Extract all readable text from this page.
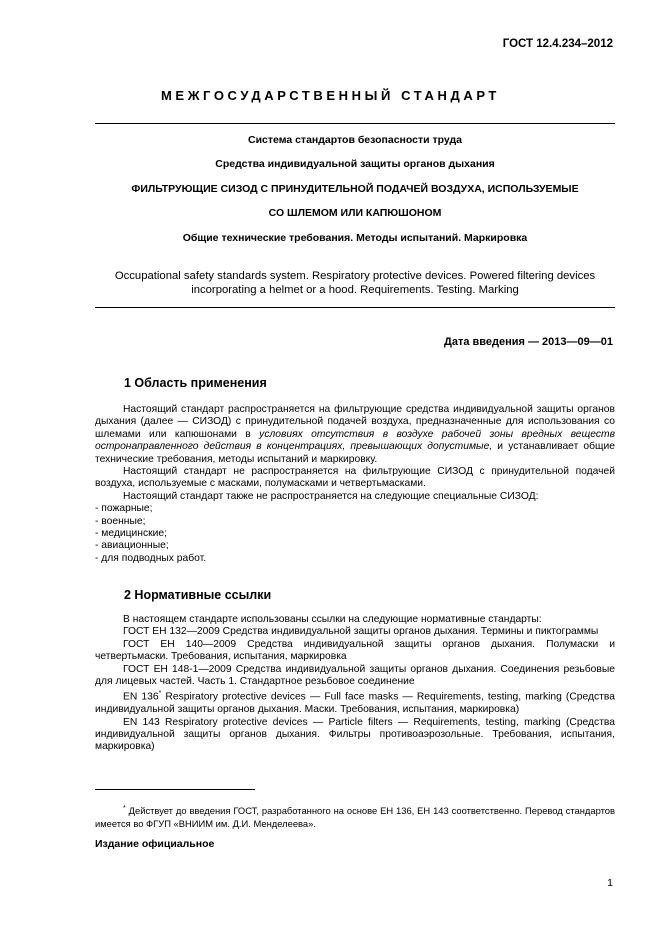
ГОСТ 12.4.234–2012
МЕЖГОСУДАРСТВЕННЫЙ СТАНДАРТ
Система стандартов безопасности труда
Средства индивидуальной защиты органов дыхания
ФИЛЬТРУЮЩИЕ СИЗОД С ПРИНУДИТЕЛЬНОЙ ПОДАЧЕЙ ВОЗДУХА, ИСПОЛЬЗУЕМЫЕ
СО ШЛЕМОМ ИЛИ КАПЮШОНОМ
Общие технические требования. Методы испытаний. Маркировка
Occupational safety standards system. Respiratory protective devices. Powered filtering devices
incorporating a helmet or a hood. Requirements. Testing. Marking
Дата введения — 2013—09—01
1 Область применения

Настоящий стандарт распространяется на фильтрующие средства индивидуальной защиты органов дыхания (далее — СИЗОД) с принудительной подачей воздуха, предназначенные для использования со шлемами или капюшонами в условиях отсутствия в воздухе рабочей зоны вредных веществ остронаправленного действия в концентрациях, превышающих допустимые, и устанавливает общие технические требования, методы испытаний и маркировку.

Настоящий стандарт не распространяется на фильтрующие СИЗОД с принудительной подачей воздуха, используемые с масками, полумасками и четвертьмасками.

Настоящий стандарт также не распространяется на следующие специальные СИЗОД:

- пожарные;

- военные;

- медицинские;

- авиационные;

- для подводных работ.

2 Нормативные ссылки

В настоящем стандарте использованы ссылки на следующие нормативные стандарты:

ГОСТ ЕН 132—2009 Средства индивидуальной защиты органов дыхания. Термины и пиктограммы

ГОСТ ЕН 140—2009 Средства индивидуальной защиты органов дыхания. Полумаски и четвертьмаски. Требования, испытания, маркировка

ГОСТ ЕН 148-1—2009 Средства индивидуальной защиты органов дыхания. Соединения резьбовые для лицевых частей. Часть 1. Стандартное резьбовое соединение

EN 136* Respiratory protective devices — Full face masks — Requirements, testing, marking (Средства индивидуальной защиты органов дыхания. Маски. Требования, испытания, маркировка)

EN 143 Respiratory protective devices — Particle filters — Requirements, testing, marking (Средства индивидуальной защиты органов дыхания. Фильтры противоаэрозольные. Требования, испытания, маркировка)

* Действует до введения ГОСТ, разработанного на основе ЕН 136, ЕН 143 соответственно. Перевод стандартов имеется во ФГУП «ВНИИМ им. Д.И. Менделеева».
Издание официальное
1
